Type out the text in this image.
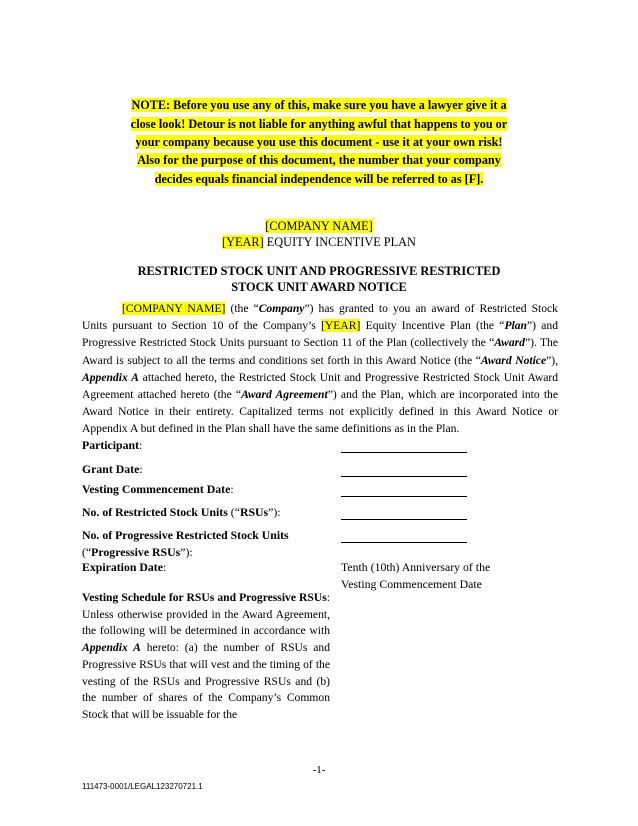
NOTE: Before you use any of this, make sure you have a lawyer give it a
close look! Detour is not liable for anything awful that happens to you or
your company because you use this document - use it at your own risk!
Also for the purpose of this document, the number that your company
decides equals financial independence will be referred to as [F].
[COMPANY NAME]
[YEAR] EQUITY INCENTIVE PLAN
RESTRICTED STOCK UNIT AND PROGRESSIVE RESTRICTED
STOCK UNIT AWARD NOTICE
[COMPANY NAME] (the “Company”) has granted to you an award of Restricted Stock Units pursuant to Section 10 of the Company’s [YEAR] Equity Incentive Plan (the “Plan”) and Progressive Restricted Stock Units pursuant to Section 11 of the Plan (collectively the “Award”). The Award is subject to all the terms and conditions set forth in this Award Notice (the “Award Notice”), Appendix A attached hereto, the Restricted Stock Unit and Progressive Restricted Stock Unit Award Agreement attached hereto (the “Award Agreement”) and the Plan, which are incorporated into the Award Notice in their entirety. Capitalized terms not explicitly defined in this Award Notice or Appendix A but defined in the Plan shall have the same definitions as in the Plan.
Participant:
Grant Date:
Vesting Commencement Date:
No. of Restricted Stock Units (“RSUs”):
No. of Progressive Restricted Stock Units
(“Progressive RSUs”):
Expiration Date:	Tenth (10th) Anniversary of the
Vesting Commencement Date
Vesting Schedule for RSUs and Progressive RSUs: Unless otherwise provided in the Award Agreement, the following will be determined in accordance with Appendix A hereto: (a) the number of RSUs and Progressive RSUs that will vest and the timing of the vesting of the RSUs and Progressive RSUs and (b) the number of shares of the Company’s Common Stock that will be issuable for the
-1-
111473-0001/LEGAL123270721.1
